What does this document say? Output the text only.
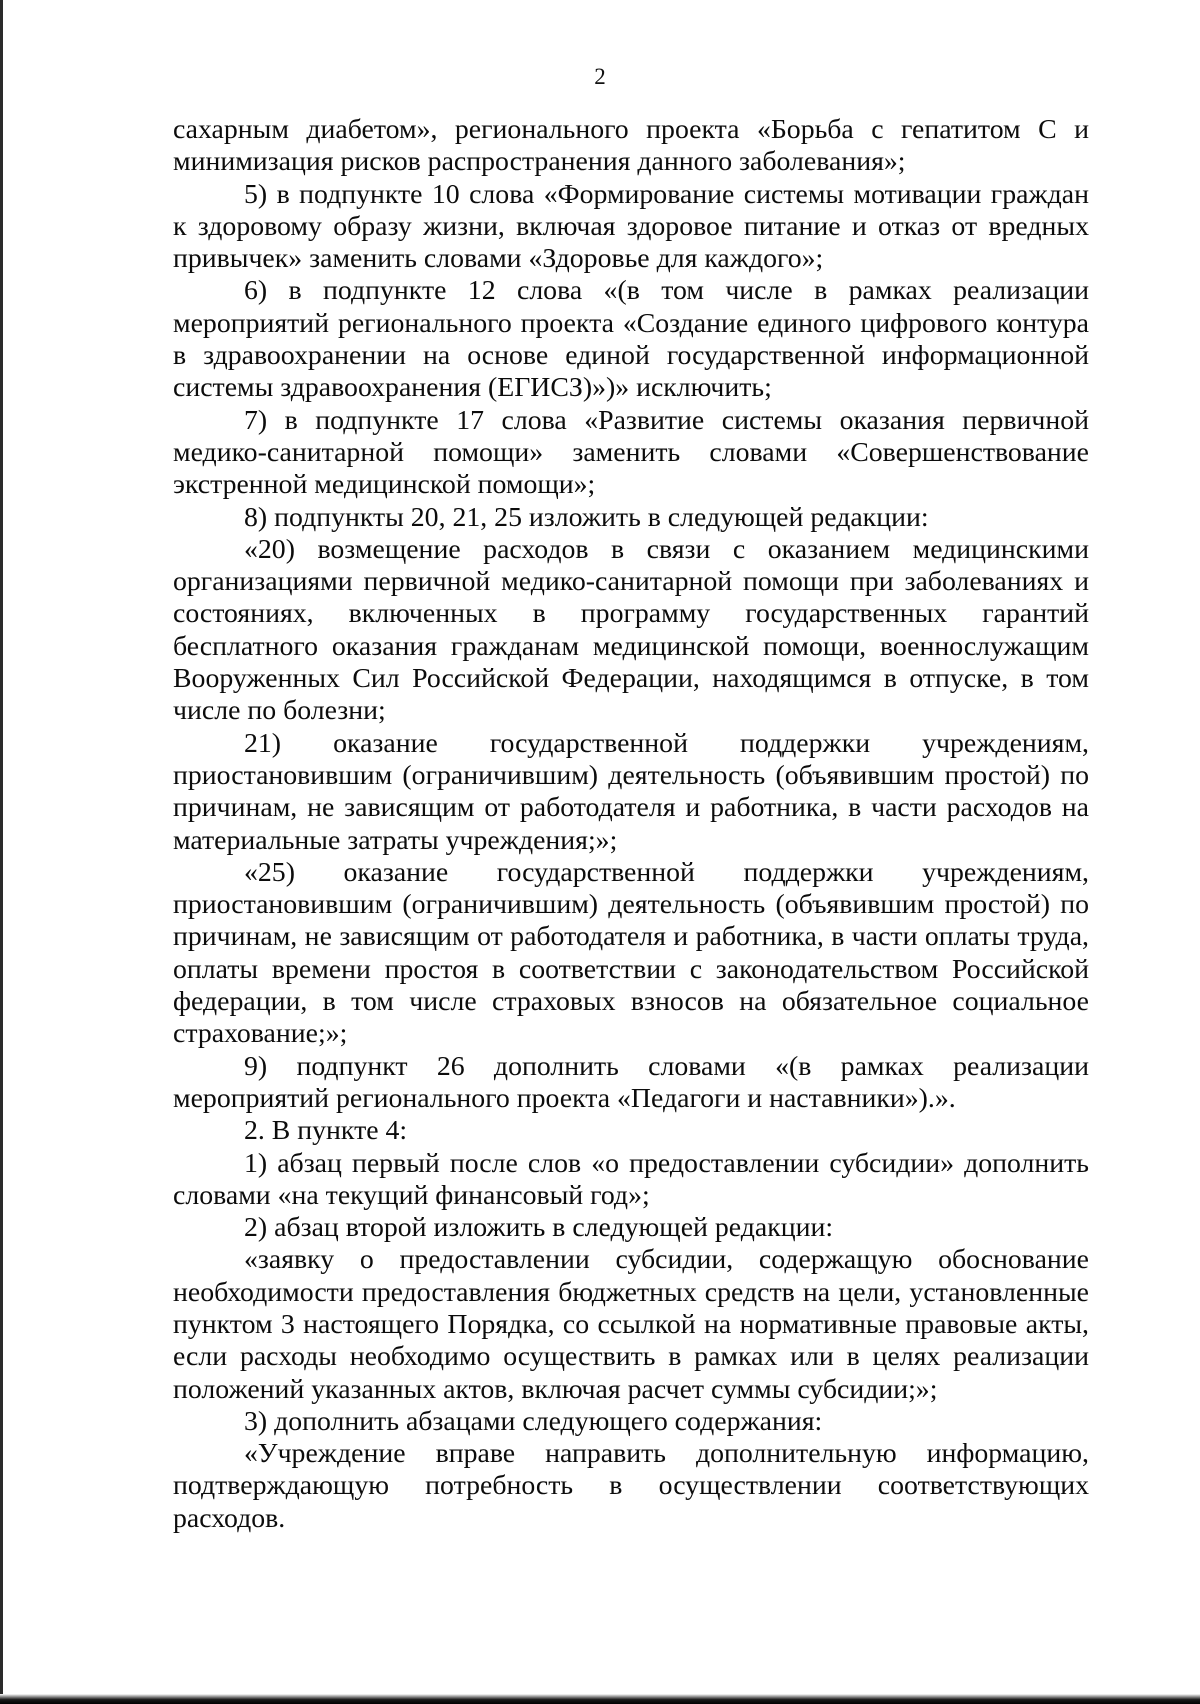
2

сахарным диабетом», регионального проекта «Борьба с гепатитом С и минимизация рисков распространения данного заболевания»;

5) в подпункте 10 слова «Формирование системы мотивации граждан к здоровому образу жизни, включая здоровое питание и отказ от вредных привычек» заменить словами «Здоровье для каждого»;

6) в подпункте 12 слова «(в том числе в рамках реализации мероприятий регионального проекта «Создание единого цифрового контура в здравоохранении на основе единой государственной информационной системы здравоохранения (ЕГИСЗ)»)» исключить;

7) в подпункте 17 слова «Развитие системы оказания первичной медико-санитарной помощи» заменить словами «Совершенствование экстренной медицинской помощи»;

8) подпункты 20, 21, 25 изложить в следующей редакции:

«20) возмещение расходов в связи с оказанием медицинскими организациями первичной медико-санитарной помощи при заболеваниях и состояниях, включенных в программу государственных гарантий бесплатного оказания гражданам медицинской помощи, военнослужащим Вооруженных Сил Российской Федерации, находящимся в отпуске, в том числе по болезни;

21) оказание государственной поддержки учреждениям, приостановившим (ограничившим) деятельность (объявившим простой) по причинам, не зависящим от работодателя и работника, в части расходов на материальные затраты учреждения;»;

«25) оказание государственной поддержки учреждениям, приостановившим (ограничившим) деятельность (объявившим простой) по причинам, не зависящим от работодателя и работника, в части оплаты труда, оплаты времени простоя в соответствии с законодательством Российской федерации, в том числе страховых взносов на обязательное социальное страхование;»;

9) подпункт 26 дополнить словами «(в рамках реализации мероприятий регионального проекта «Педагоги и наставники»).».

2. В пункте 4:

1) абзац первый после слов «о предоставлении субсидии» дополнить словами «на текущий финансовый год»;

2) абзац второй изложить в следующей редакции:

«заявку о предоставлении субсидии, содержащую обоснование необходимости предоставления бюджетных средств на цели, установленные пунктом 3 настоящего Порядка, со ссылкой на нормативные правовые акты, если расходы необходимо осуществить в рамках или в целях реализации положений указанных актов, включая расчет суммы субсидии;»;

3) дополнить абзацами следующего содержания:

«Учреждение вправе направить дополнительную информацию, подтверждающую потребность в осуществлении соответствующих расходов.
